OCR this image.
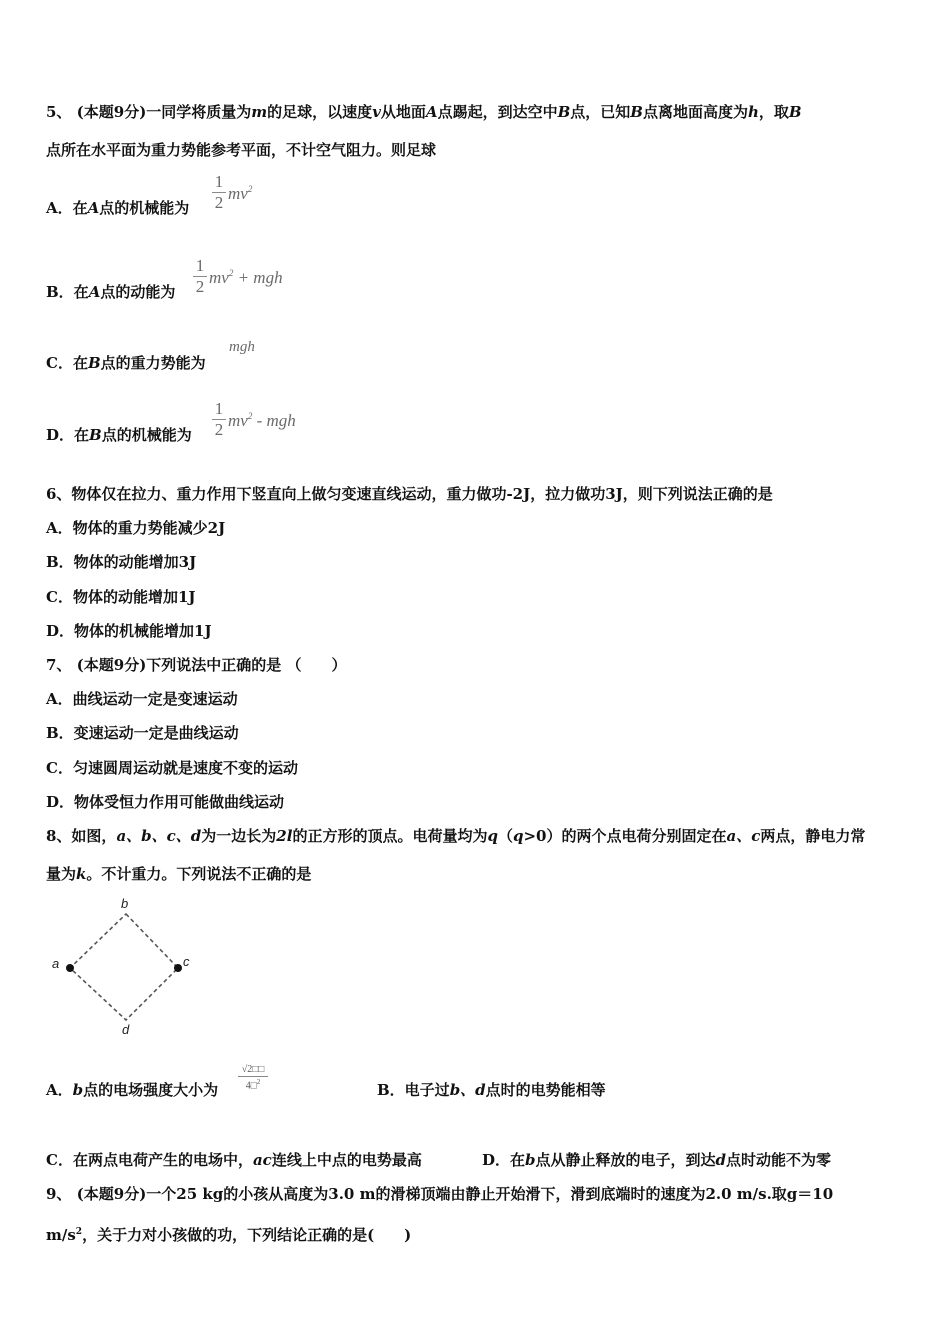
5、 (本题9分)一同学将质量为m的足球，以速度v从地面A点踢起，到达空中B点，已知B点离地面高度为h，取B
点所在水平面为重力势能参考平面，不计空气阻力。则足球
A．在A点的机械能为
1
2 $mv^2$
B．在A点的动能为
1
2 $mv^2$ + mgh
C．在B点的重力势能为
mgh
D．在B点的机械能为
1
2 $mv^2$ - mgh
6、物体仅在拉力、重力作用下竖直向上做匀变速直线运动，重力做功-2J，拉力做功3J，则下列说法正确的是
A．物体的重力势能减少2J
B．物体的动能增加3J
C．物体的动能增加1J
D．物体的机械能增加1J
7、 (本题9分)下列说法中正确的是 （　　）
A．曲线运动一定是变速运动
B．变速运动一定是曲线运动
C．匀速圆周运动就是速度不变的运动
D．物体受恒力作用可能做曲线运动
8、如图，a、b、c、d为一边长为2l的正方形的顶点。电荷量均为q（q>0）的两个点电荷分别固定在a、c两点，静电力常
量为k。不计重力。下列说法不正确的是
b
a	c
d
A．b点的电场强度大小为
√2□□
4□$^2$	B．电子过b、d点时的电势能相等
C．在两点电荷产生的电场中，ac连线上中点的电势最高	D．在b点从静止释放的电子，到达d点时动能不为零
9、 (本题9分)一个25 kg的小孩从高度为3.0 m的滑梯顶端由静止开始滑下，滑到底端时的速度为2.0 m/s.取g＝10
$m/s^2$，关于力对小孩做的功，下列结论正确的是(　　)
